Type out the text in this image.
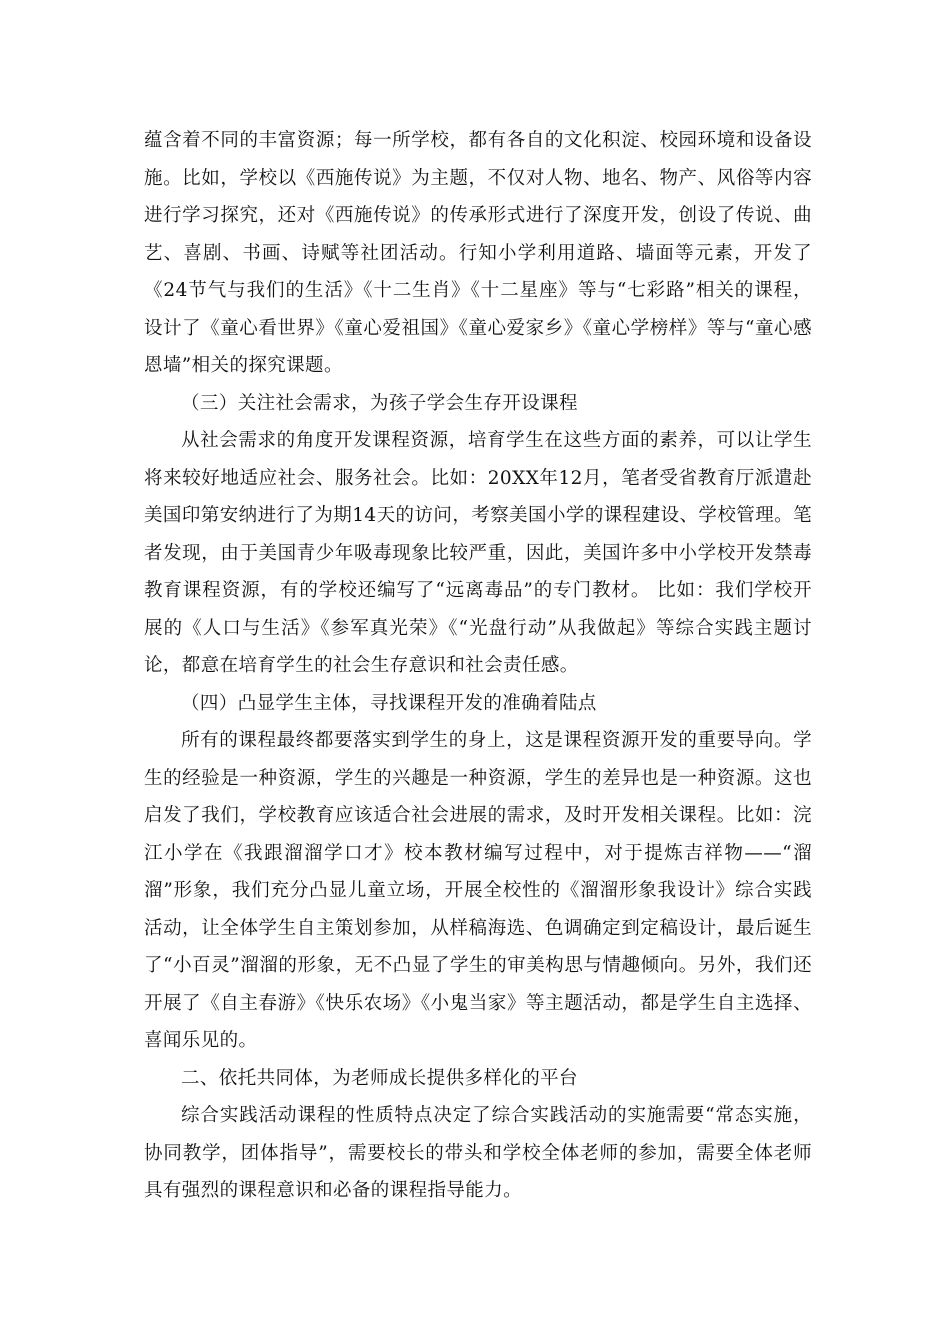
蕴含着不同的丰富资源；每一所学校，都有各自的文化积淀、校园环境和设备设施。比如，学校以《西施传说》为主题，不仅对人物、地名、物产、风俗等内容进行学习探究，还对《西施传说》的传承形式进行了深度开发，创设了传说、曲艺、喜剧、书画、诗赋等社团活动。行知小学利用道路、墙面等元素，开发了《24节气与我们的生活》《十二生肖》《十二星座》等与“七彩路”相关的课程，设计了《童心看世界》《童心爱祖国》《童心爱家乡》《童心学榜样》等与“童心感恩墙”相关的探究课题。

（三）关注社会需求，为孩子学会生存开设课程

从社会需求的角度开发课程资源，培育学生在这些方面的素养，可以让学生将来较好地适应社会、服务社会。比如：20XX年12月，笔者受省教育厅派遣赴美国印第安纳进行了为期14天的访问，考察美国小学的课程建设、学校管理。笔者发现，由于美国青少年吸毒现象比较严重，因此，美国许多中小学校开发禁毒教育课程资源，有的学校还编写了“远离毒品”的专门教材。 比如：我们学校开展的《人口与生活》《参军真光荣》《“光盘行动”从我做起》等综合实践主题讨论，都意在培育学生的社会生存意识和社会责任感。

（四）凸显学生主体，寻找课程开发的准确着陆点

所有的课程最终都要落实到学生的身上，这是课程资源开发的重要导向。学生的经验是一种资源，学生的兴趣是一种资源，学生的差异也是一种资源。这也启发了我们，学校教育应该适合社会进展的需求，及时开发相关课程。比如：浣江小学在《我跟溜溜学口才》校本教材编写过程中，对于提炼吉祥物——“溜溜”形象，我们充分凸显儿童立场，开展全校性的《溜溜形象我设计》综合实践活动，让全体学生自主策划参加，从样稿海选、色调确定到定稿设计，最后诞生了“小百灵”溜溜的形象，无不凸显了学生的审美构思与情趣倾向。另外，我们还开展了《自主春游》《快乐农场》《小鬼当家》等主题活动，都是学生自主选择、喜闻乐见的。

二、依托共同体，为老师成长提供多样化的平台

综合实践活动课程的性质特点决定了综合实践活动的实施需要“常态实施，协同教学，团体指导”，需要校长的带头和学校全体老师的参加，需要全体老师具有强烈的课程意识和必备的课程指导能力。
